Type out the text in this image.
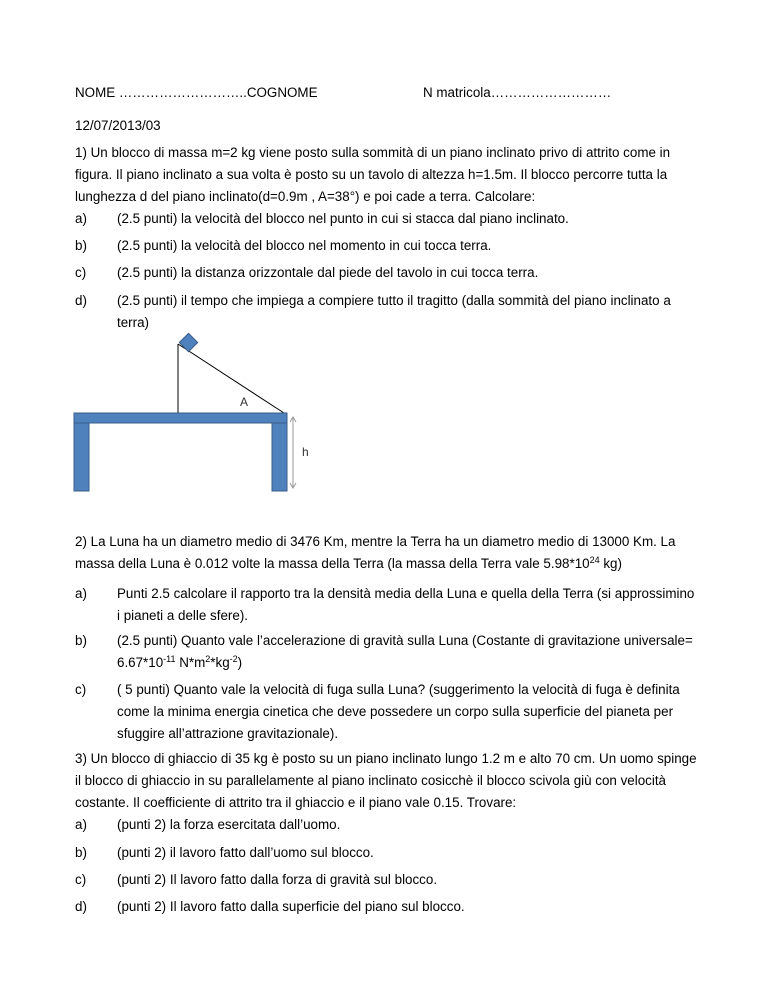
NOME ………………………..COGNOME	N matricola………………………
12/07/2013/03
1) Un blocco di massa m=2 kg viene posto sulla sommità di un piano inclinato privo di attrito come in figura. Il piano inclinato a sua volta è posto su un tavolo di altezza h=1.5m. Il blocco percorre tutta la lunghezza d del piano inclinato(d=0.9m , A=38°) e poi cade a terra. Calcolare:
a) (2.5 punti) la velocità del blocco nel punto in cui si stacca dal piano inclinato.
b) (2.5 punti) la velocità del blocco nel momento in cui tocca terra.
c) (2.5 punti) la distanza orizzontale dal piede del tavolo in cui tocca terra.
d) (2.5 punti) il tempo che impiega a compiere tutto il tragitto (dalla sommità del piano inclinato a terra)
A
h
2) La Luna ha un diametro medio di 3476 Km, mentre la Terra ha un diametro medio di 13000 Km. La massa della Luna è 0.012 volte la massa della Terra (la massa della Terra vale $5.98*10^{24}$ kg)
a) Punti 2.5 calcolare il rapporto tra la densità media della Luna e quella della Terra (si approssimino i pianeti a delle sfere).
b) (2.5 punti) Quanto vale l’accelerazione di gravità sulla Luna (Costante di gravitazione universale=
$6.67*10^{-11}$ $N*m^2*kg^{-2}$)
c) ( 5 punti) Quanto vale la velocità di fuga sulla Luna? (suggerimento la velocità di fuga è definita come la minima energia cinetica che deve possedere un corpo sulla superficie del pianeta per sfuggire all’attrazione gravitazionale).
3) Un blocco di ghiaccio di 35 kg è posto su un piano inclinato lungo 1.2 m e alto 70 cm. Un uomo spinge il blocco di ghiaccio in su parallelamente al piano inclinato cosicchè il blocco scivola giù con velocità costante. Il coefficiente di attrito tra il ghiaccio e il piano vale 0.15. Trovare:
a) (punti 2) la forza esercitata dall’uomo.
b) (punti 2) il lavoro fatto dall’uomo sul blocco.
c) (punti 2) Il lavoro fatto dalla forza di gravità sul blocco.
d) (punti 2) Il lavoro fatto dalla superficie del piano sul blocco.
